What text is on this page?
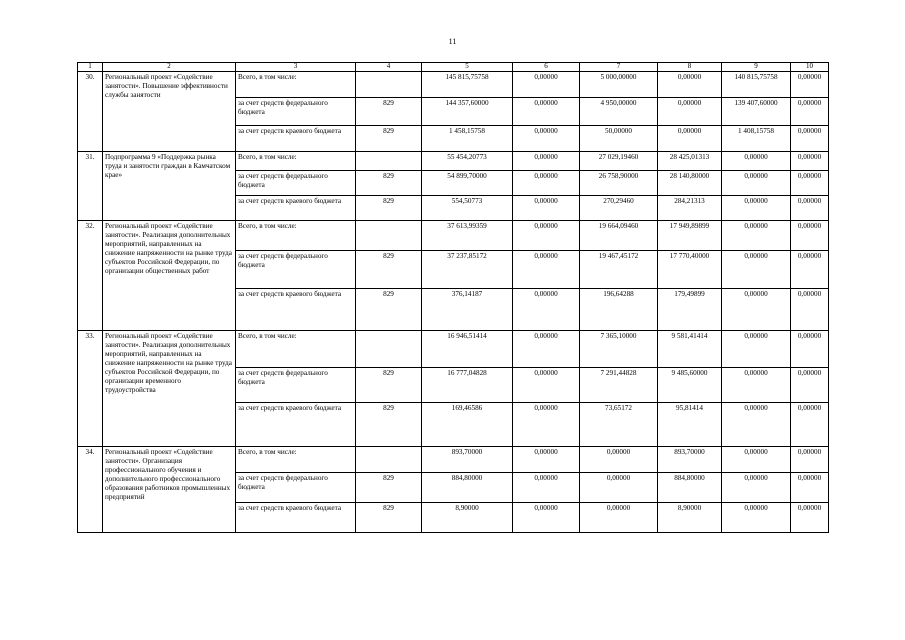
11
1	2	3	4	5	6	7	8	9	10
30.	Региональный проект «Содействие занятости». Повышение эффективности службы занятости	Всего, в том числе:		145 815,75758	0,00000	5 000,00000	0,00000	140 815,75758	0,00000
		за счет средств федерального бюджета	829	144 357,60000	0,00000	4 950,00000	0,00000	139 407,60000	0,00000
		за счет средств краевого бюджета	829	1 458,15758	0,00000	50,00000	0,00000	1 408,15758	0,00000
31.	Подпрограмма 9 «Поддержка рынка труда и занятости граждан в Камчатском крае»	Всего, в том числе:		55 454,20773	0,00000	27 029,19460	28 425,01313	0,00000	0,00000
		за счет средств федерального бюджета	829	54 899,70000	0,00000	26 758,90000	28 140,80000	0,00000	0,00000
		за счет средств краевого бюджета	829	554,50773	0,00000	270,29460	284,21313	0,00000	0,00000
32.	Региональный проект «Содействие занятости». Реализация дополнительных мероприятий, направленных на снижение напряженности на рынке труда субъектов Российской Федерации, по организации общественных работ	Всего, в том числе:		37 613,99359	0,00000	19 664,09460	17 949,89899	0,00000	0,00000
		за счет средств федерального бюджета	829	37 237,85172	0,00000	19 467,45172	17 770,40000	0,00000	0,00000
		за счет средств краевого бюджета	829	376,14187	0,00000	196,64288	179,49899	0,00000	0,00000
33.	Региональный проект «Содействие занятости». Реализация дополнительных мероприятий, направленных на снижение напряженности на рынке труда субъектов Российской Федерации, по организации временного трудоустройства	Всего, в том числе:		16 946,51414	0,00000	7 365,10000	9 581,41414	0,00000	0,00000
		за счет средств федерального бюджета	829	16 777,04828	0,00000	7 291,44828	9 485,60000	0,00000	0,00000
		за счет средств краевого бюджета	829	169,46586	0,00000	73,65172	95,81414	0,00000	0,00000
34.	Региональный проект «Содействие занятости». Организация профессионального обучения и дополнительного профессионального образования работников промышленных предприятий	Всего, в том числе:		893,70000	0,00000	0,00000	893,70000	0,00000	0,00000
		за счет средств федерального бюджета	829	884,80000	0,00000	0,00000	884,80000	0,00000	0,00000
		за счет средств краевого бюджета	829	8,90000	0,00000	0,00000	8,90000	0,00000	0,00000
